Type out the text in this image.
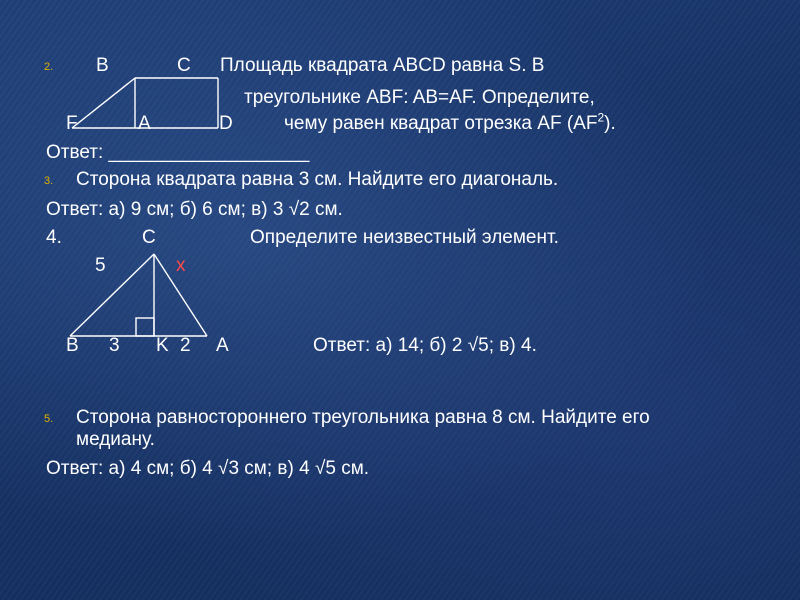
2. B	C Площадь квадрата ABCD равна S. В
треугольнике ABF: AB=AF. Определите,
F	A	D	чему равен квадрат отрезка AF $(AF^2)$.
Ответ: ___________________
3. Сторона квадрата равна 3 см. Найдите его диагональ.
Ответ: а) 9 см; б) 6 см; в) 3 √2 см.
4.	C	Определите неизвестный элемент.
5	x
B 3 K 2 A	Ответ: а) 14; б) 2 √5; в) 4.
5. Сторона равностороннего треугольника равна 8 см. Найдите его
медиану.
Ответ: а) 4 см; б) 4 √3 см; в) 4 √5 см.
